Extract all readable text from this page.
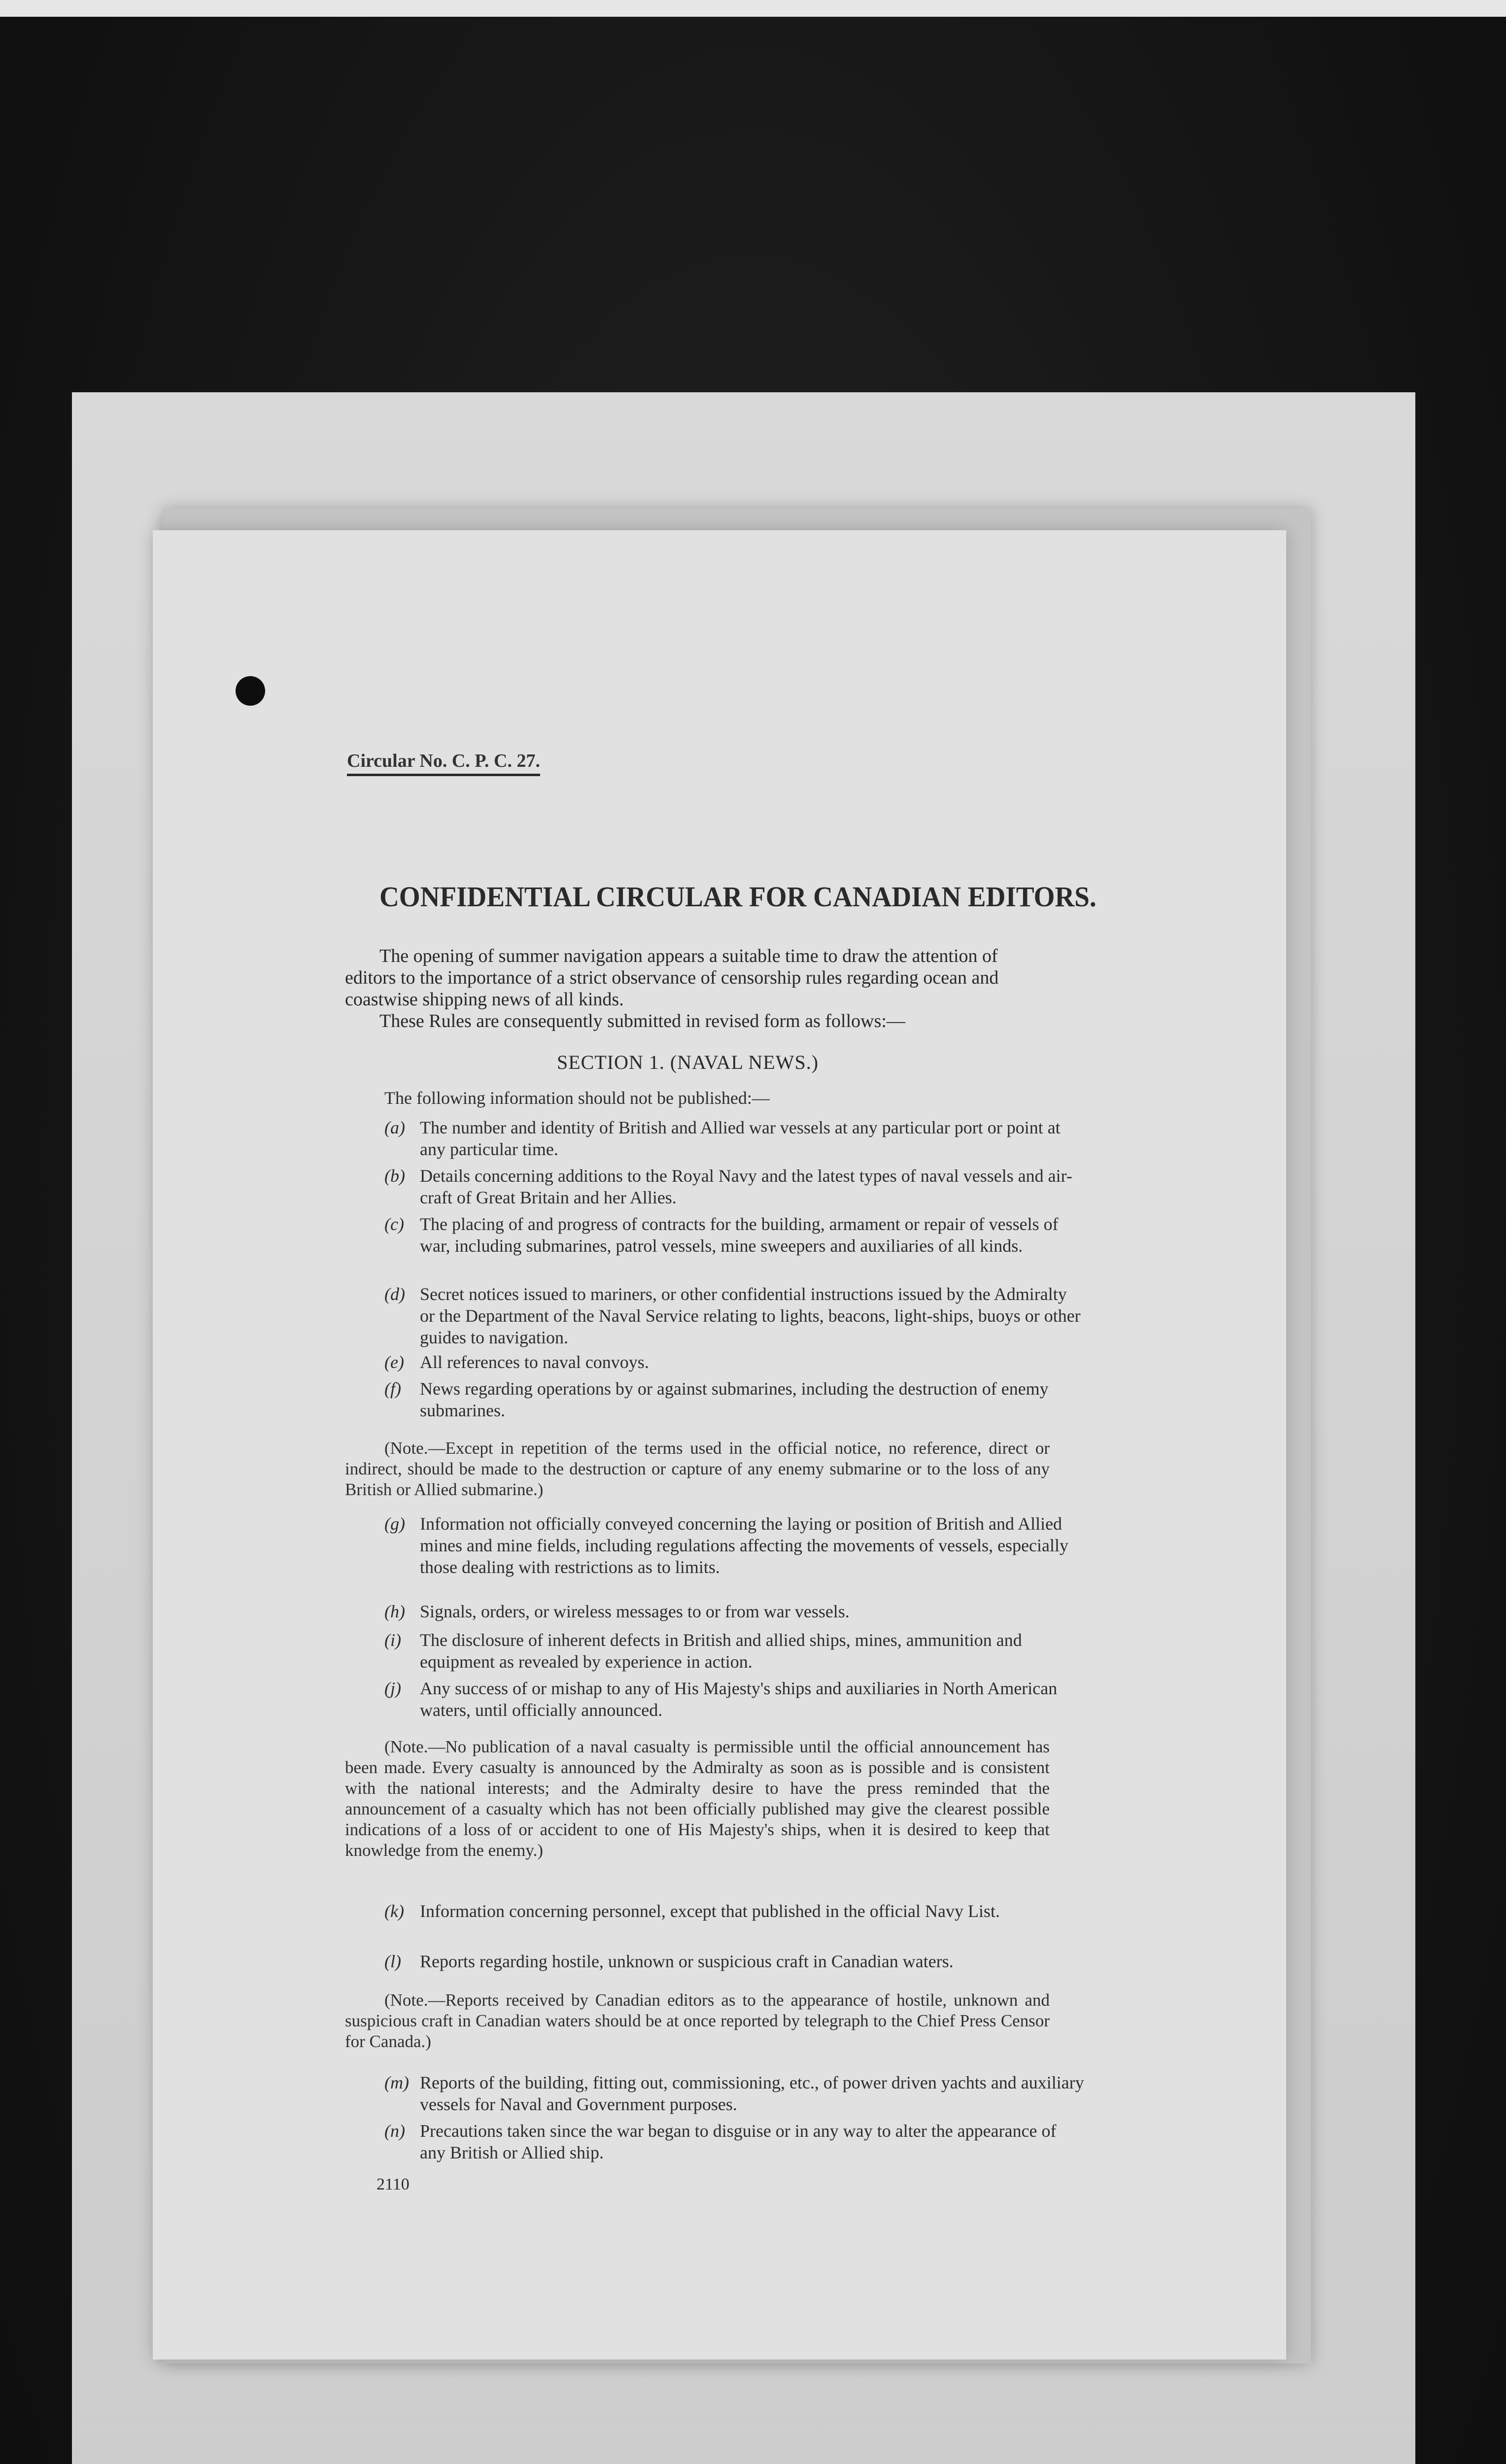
Circular No. C. P. C. 27.
CONFIDENTIAL CIRCULAR FOR CANADIAN EDITORS.
The opening of summer navigation appears a suitable time to draw the attention of editors to the importance of a strict observance of censorship rules regarding ocean and coastwise shipping news of all kinds.
These Rules are consequently submitted in revised form as follows:—
SECTION 1. (NAVAL NEWS.)
The following information should not be published:—
(a) The number and identity of British and Allied war vessels at any particular port or point at any particular time.
(b) Details concerning additions to the Royal Navy and the latest types of naval vessels and air-craft of Great Britain and her Allies.
(c) The placing of and progress of contracts for the building, armament or repair of vessels of war, including submarines, patrol vessels, mine sweepers and auxiliaries of all kinds.
(d) Secret notices issued to mariners, or other confidential instructions issued by the Admiralty or the Department of the Naval Service relating to lights, beacons, light-ships, buoys or other guides to navigation.
(e) All references to naval convoys.
(f) News regarding operations by or against submarines, including the destruction of enemy submarines.
(Note.—Except in repetition of the terms used in the official notice, no reference, direct or indirect, should be made to the destruction or capture of any enemy submarine or to the loss of any British or Allied submarine.)
(g) Information not officially conveyed concerning the laying or position of British and Allied mines and mine fields, including regulations affecting the movements of vessels, especially those dealing with restrictions as to limits.
(h) Signals, orders, or wireless messages to or from war vessels.
(i) The disclosure of inherent defects in British and allied ships, mines, ammunition and equipment as revealed by experience in action.
(j) Any success of or mishap to any of His Majesty's ships and auxiliaries in North American waters, until officially announced.
(Note.—No publication of a naval casualty is permissible until the official announcement has been made. Every casualty is announced by the Admiralty as soon as is possible and is consistent with the national interests; and the Admiralty desire to have the press reminded that the announcement of a casualty which has not been officially published may give the clearest possible indications of a loss of or accident to one of His Majesty's ships, when it is desired to keep that knowledge from the enemy.)
(k) Information concerning personnel, except that published in the official Navy List.
(l) Reports regarding hostile, unknown or suspicious craft in Canadian waters.
(Note.—Reports received by Canadian editors as to the appearance of hostile, unknown and suspicious craft in Canadian waters should be at once reported by telegraph to the Chief Press Censor for Canada.)
(m) Reports of the building, fitting out, commissioning, etc., of power driven yachts and auxiliary vessels for Naval and Government purposes.
(n) Precautions taken since the war began to disguise or in any way to alter the appearance of any British or Allied ship.
2110
